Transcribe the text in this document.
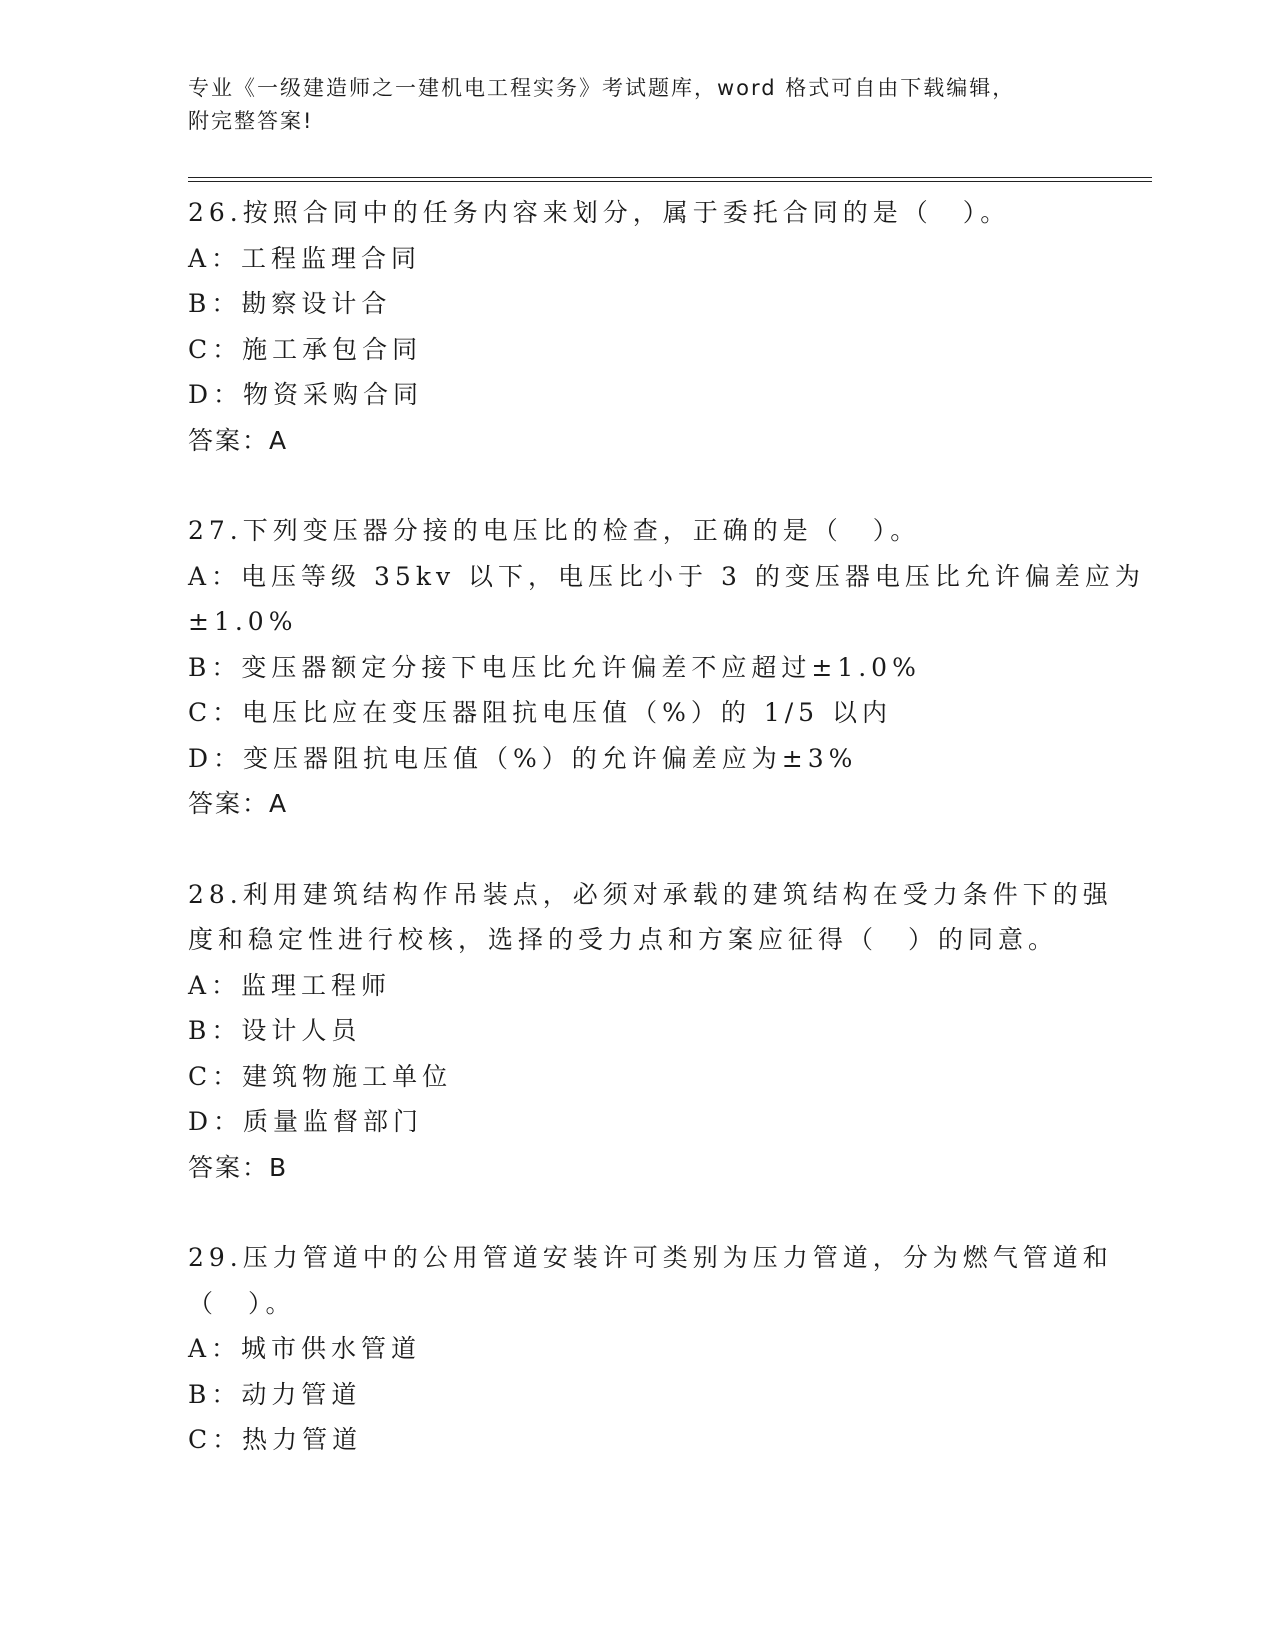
专业《一级建造师之一建机电工程实务》考试题库，word 格式可自由下载编辑，
附完整答案!
26.按照合同中的任务内容来划分，属于委托合同的是（　）。
A：工程监理合同
B：勘察设计合
C：施工承包合同
D：物资采购合同
答案：A
27.下列变压器分接的电压比的检查，正确的是（　）。
A：电压等级 35kv 以下，电压比小于 3 的变压器电压比允许偏差应为
±1.0%
B：变压器额定分接下电压比允许偏差不应超过±1.0%
C：电压比应在变压器阻抗电压值（%）的 1/5 以内
D：变压器阻抗电压值（%）的允许偏差应为±3%
答案：A
28.利用建筑结构作吊装点，必须对承载的建筑结构在受力条件下的强
度和稳定性进行校核，选择的受力点和方案应征得（　）的同意。
A：监理工程师
B：设计人员
C：建筑物施工单位
D：质量监督部门
答案：B
29.压力管道中的公用管道安装许可类别为压力管道，分为燃气管道和
（　）。
A：城市供水管道
B：动力管道
C：热力管道
